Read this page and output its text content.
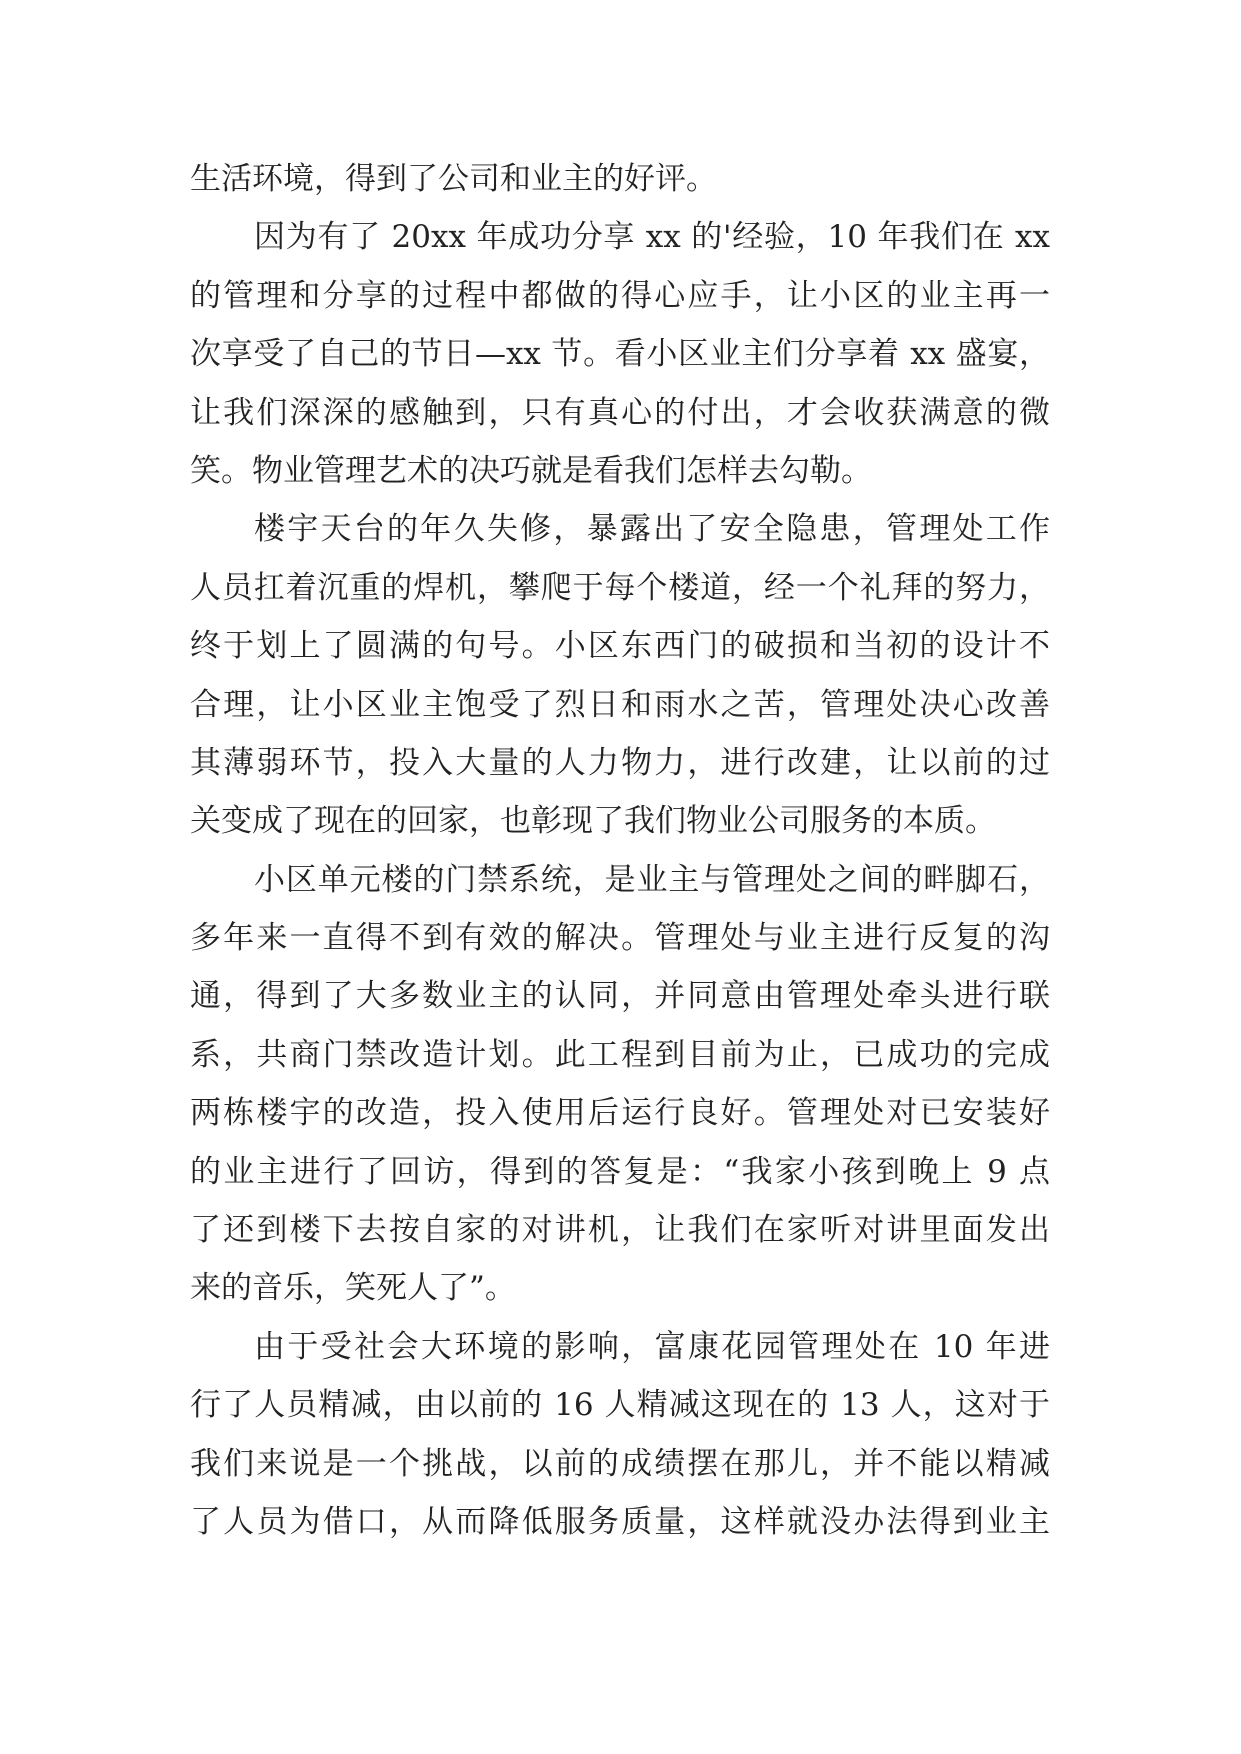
生活环境，得到了公司和业主的好评。
因为有了 20xx 年成功分享 xx 的'经验，10 年我们在 xx
的管理和分享的过程中都做的得心应手，让小区的业主再一
次享受了自己的节日—xx 节。看小区业主们分享着 xx 盛宴，
让我们深深的感触到，只有真心的付出，才会收获满意的微
笑。物业管理艺术的决巧就是看我们怎样去勾勒。
楼宇天台的年久失修，暴露出了安全隐患，管理处工作
人员扛着沉重的焊机，攀爬于每个楼道，经一个礼拜的努力，
终于划上了圆满的句号。小区东西门的破损和当初的设计不
合理，让小区业主饱受了烈日和雨水之苦，管理处决心改善
其薄弱环节，投入大量的人力物力，进行改建，让以前的过
关变成了现在的回家，也彰现了我们物业公司服务的本质。
小区单元楼的门禁系统，是业主与管理处之间的畔脚石，
多年来一直得不到有效的解决。管理处与业主进行反复的沟
通，得到了大多数业主的认同，并同意由管理处牵头进行联
系，共商门禁改造计划。此工程到目前为止，已成功的完成
两栋楼宇的改造，投入使用后运行良好。管理处对已安装好
的业主进行了回访，得到的答复是：“我家小孩到晚上 9 点
了还到楼下去按自家的对讲机，让我们在家听对讲里面发出
来的音乐，笑死人了”。
由于受社会大环境的影响，富康花园管理处在 10 年进
行了人员精减，由以前的 16 人精减这现在的 13 人，这对于
我们来说是一个挑战，以前的成绩摆在那儿，并不能以精减
了人员为借口，从而降低服务质量，这样就没办法得到业主
